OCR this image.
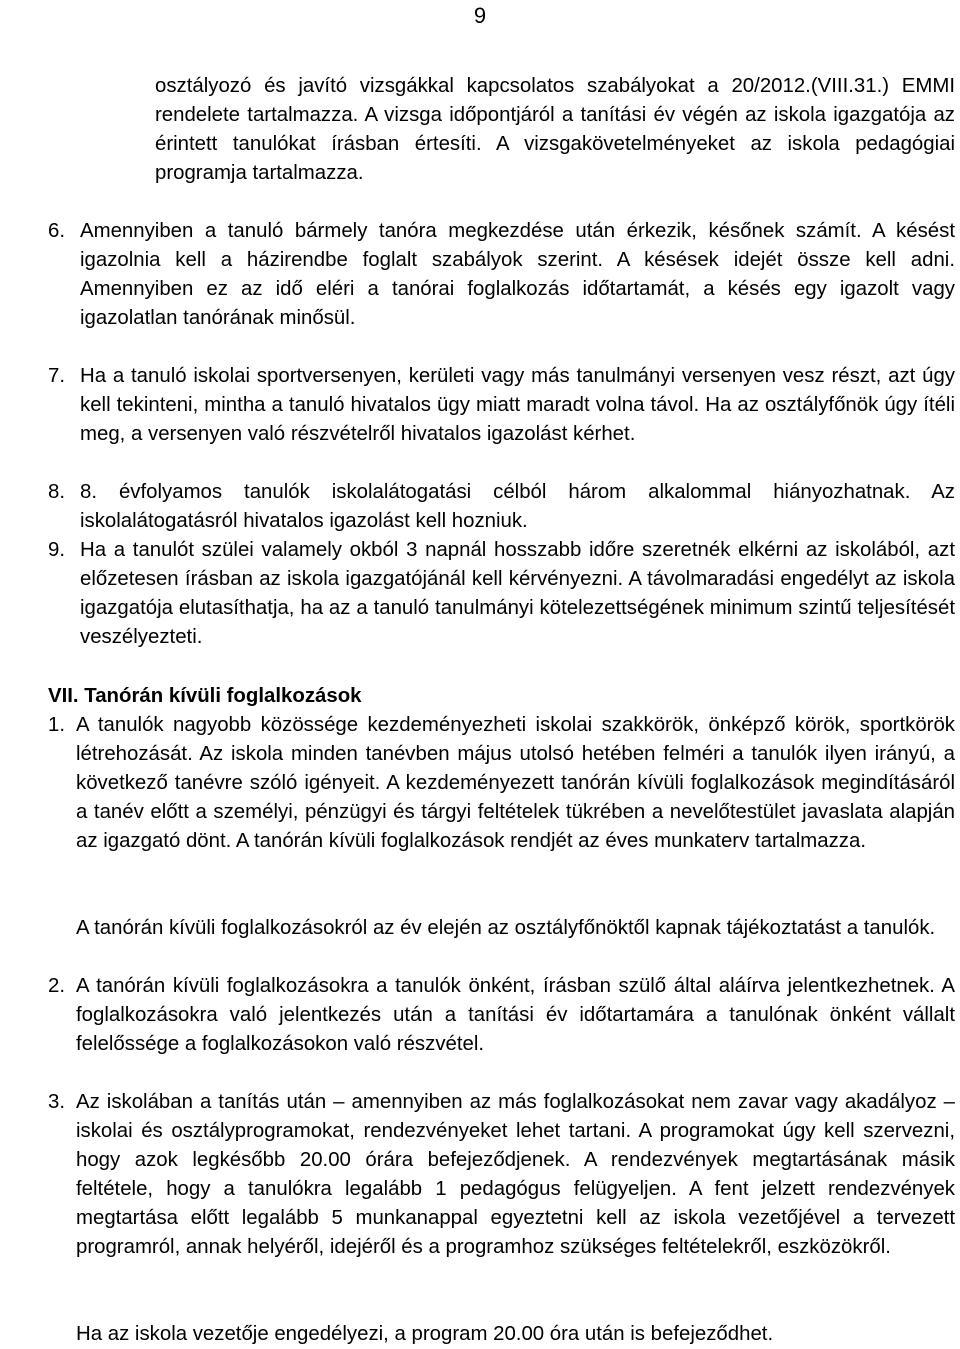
9

osztályozó és javító vizsgákkal kapcsolatos szabályokat a 20/2012.(VIII.31.) EMMI rendelete tartalmazza. A vizsga időpontjáról a tanítási év végén az iskola igazgatója az érintett tanulókat írásban értesíti. A vizsgakövetelményeket az iskola pedagógiai programja tartalmazza.

6. Amennyiben a tanuló bármely tanóra megkezdése után érkezik, későnek számít. A késést igazolnia kell a házirendbe foglalt szabályok szerint. A késések idejét össze kell adni. Amennyiben ez az idő eléri a tanórai foglalkozás időtartamát, a késés egy igazolt vagy igazolatlan tanórának minősül.

7. Ha a tanuló iskolai sportversenyen, kerületi vagy más tanulmányi versenyen vesz részt, azt úgy kell tekinteni, mintha a tanuló hivatalos ügy miatt maradt volna távol. Ha az osztályfőnök úgy ítéli meg, a versenyen való részvételről hivatalos igazolást kérhet.

8. 8. évfolyamos tanulók iskolalátogatási célból három alkalommal hiányozhatnak. Az iskolalátogatásról hivatalos igazolást kell hozniuk.

9. Ha a tanulót szülei valamely okból 3 napnál hosszabb időre szeretnék elkérni az iskolából, azt előzetesen írásban az iskola igazgatójánál kell kérvényezni. A távolmaradási engedélyt az iskola igazgatója elutasíthatja, ha az a tanuló tanulmányi kötelezettségének minimum szintű teljesítését veszélyezteti.

VII. Tanórán kívüli foglalkozások

1. A tanulók nagyobb közössége kezdeményezheti iskolai szakkörök, önképző körök, sportkörök létrehozását. Az iskola minden tanévben május utolsó hetében felméri a tanulók ilyen irányú, a következő tanévre szóló igényeit. A kezdeményezett tanórán kívüli foglalkozások megindításáról a tanév előtt a személyi, pénzügyi és tárgyi feltételek tükrében a nevelőtestület javaslata alapján az igazgató dönt. A tanórán kívüli foglalkozások rendjét az éves munkaterv tartalmazza.

A tanórán kívüli foglalkozásokról az év elején az osztályfőnöktől kapnak tájékoztatást a tanulók.

2. A tanórán kívüli foglalkozásokra a tanulók önként, írásban szülő által aláírva jelentkezhetnek. A foglalkozásokra való jelentkezés után a tanítási év időtartamára a tanulónak önként vállalt felelőssége a foglalkozásokon való részvétel.

3. Az iskolában a tanítás után – amennyiben az más foglalkozásokat nem zavar vagy akadályoz – iskolai és osztályprogramokat, rendezvényeket lehet tartani. A programokat úgy kell szervezni, hogy azok legkésőbb 20.00 órára befejeződjenek. A rendezvények megtartásának másik feltétele, hogy a tanulókra legalább 1 pedagógus felügyeljen. A fent jelzett rendezvények megtartása előtt legalább 5 munkanappal egyeztetni kell az iskola vezetőjével a tervezett programról, annak helyéről, idejéről és a programhoz szükséges feltételekről, eszközökről.

Ha az iskola vezetője engedélyezi, a program 20.00 óra után is befejeződhet.
